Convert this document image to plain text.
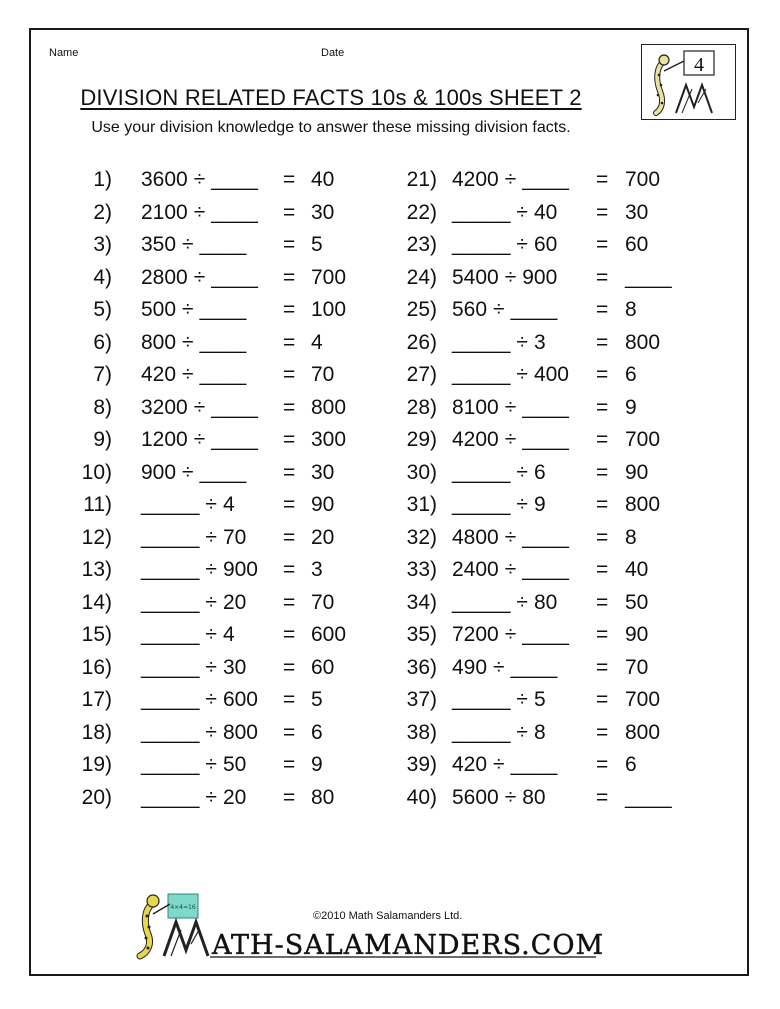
Name	Date
4
DIVISION RELATED FACTS 10s & 100s SHEET 2
Use your division knowledge to answer these missing division facts.
1) 3600 ÷ ____ = 40
2) 2100 ÷ ____ = 30
3) 350 ÷ ____ = 5
4) 2800 ÷ ____ = 700
5) 500 ÷ ____ = 100
6) 800 ÷ ____ = 4
7) 420 ÷ ____ = 70
8) 3200 ÷ ____ = 800
9) 1200 ÷ ____ = 300
10) 900 ÷ ____ = 30
11) _____ ÷ 4 = 90
12) _____ ÷ 70 = 20
13) _____ ÷ 900 = 3
14) _____ ÷ 20 = 70
15) _____ ÷ 4 = 600
16) _____ ÷ 30 = 60
17) _____ ÷ 600 = 5
18) _____ ÷ 800 = 6
19) _____ ÷ 50 = 9
20) _____ ÷ 20 = 80
21) 4200 ÷ ____ = 700
22) _____ ÷ 40 = 30
23) _____ ÷ 60 = 60
24) 5400 ÷ 900 = ____
25) 560 ÷ ____ = 8
26) _____ ÷ 3 = 800
27) _____ ÷ 400 = 6
28) 8100 ÷ ____ = 9
29) 4200 ÷ ____ = 700
30) _____ ÷ 6 = 90
31) _____ ÷ 9 = 800
32) 4800 ÷ ____ = 8
33) 2400 ÷ ____ = 40
34) _____ ÷ 80 = 50
35) 7200 ÷ ____ = 90
36) 490 ÷ ____ = 70
37) _____ ÷ 5 = 700
38) _____ ÷ 8 = 800
39) 420 ÷ ____ = 6
40) 5600 ÷ 80 = ____
4×4=16
ATH-SALAMANDERS.COM
©2010 Math Salamanders Ltd.
